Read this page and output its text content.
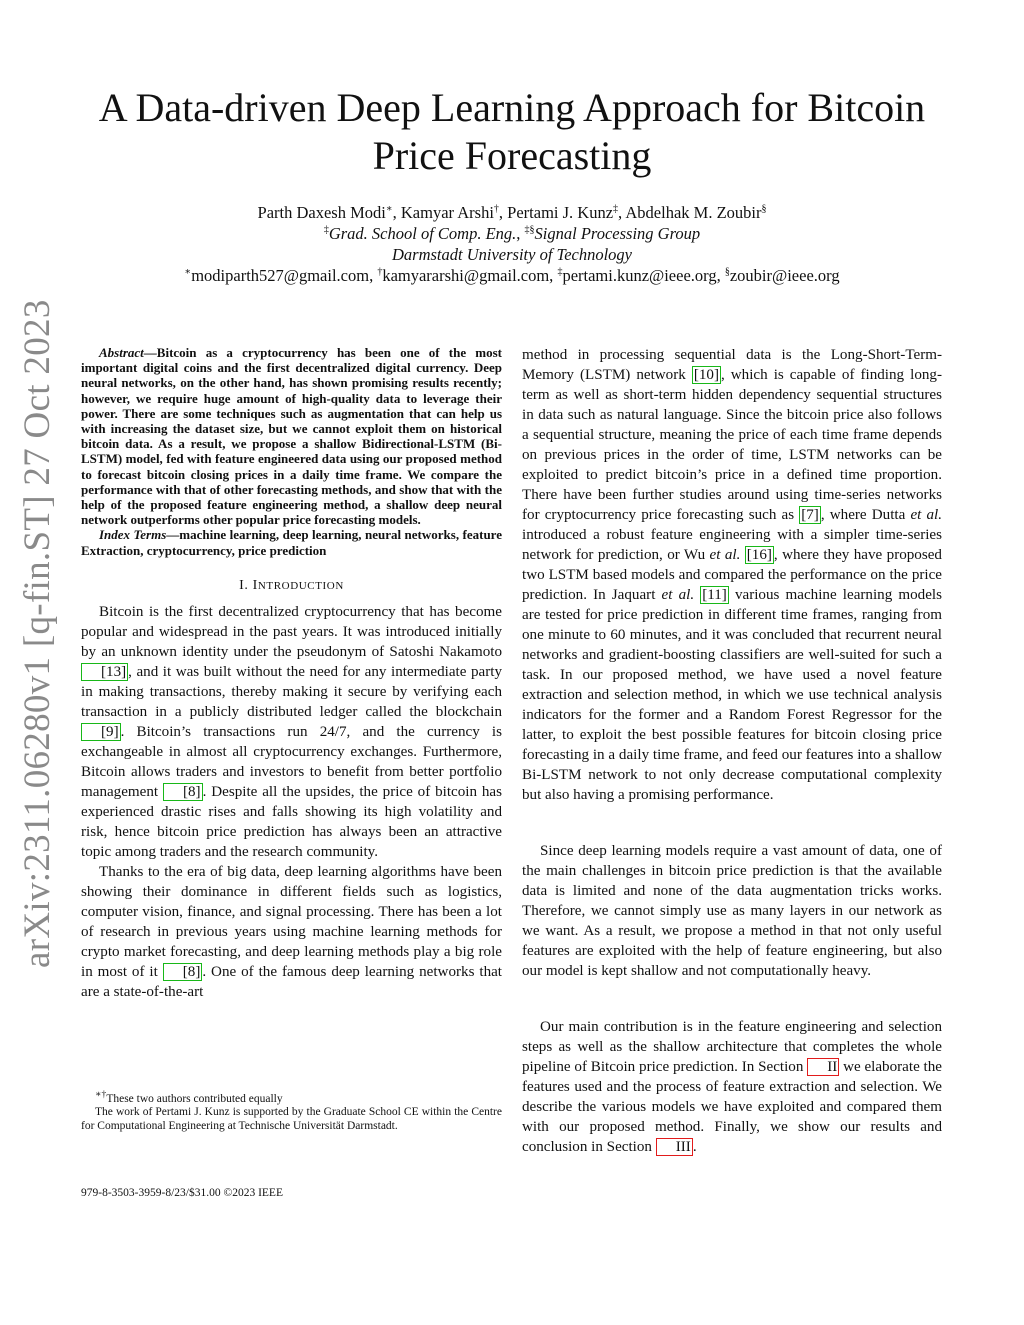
A Data-driven Deep Learning Approach for Bitcoin
Price Forecasting
Parth Daxesh Modi∗, Kamyar Arshi†, Pertami J. Kunz‡, Abdelhak M. Zoubir§
‡Grad. School of Comp. Eng., ‡§Signal Processing Group
Darmstadt University of Technology
∗modiparth527@gmail.com, †kamyararshi@gmail.com, ‡pertami.kunz@ieee.org, §zoubir@ieee.org
arXiv:2311.06280v1 [q-fin.ST] 27 Oct 2023	Abstract—Bitcoin as a cryptocurrency has been one of the most important digital coins and the first decentralized digital currency. Deep neural networks, on the other hand, has shown promising results recently; however, we require huge amount of high-quality data to leverage their power. There are some techniques such as augmentation that can help us with increasing the dataset size, but we cannot exploit them on historical bitcoin data. As a result, we propose a shallow Bidirectional-LSTM (Bi-LSTM) model, fed with feature engineered data using our proposed method to forecast bitcoin closing prices in a daily time frame. We compare the performance with that of other forecasting methods, and show that with the help of the proposed feature engineering method, a shallow deep neural network outperforms other popular price forecasting models.

Index Terms—machine learning, deep learning, neural networks, feature Extraction, cryptocurrency, price prediction

I. INTRODUCTION

Bitcoin is the first decentralized cryptocurrency that has become popular and widespread in the past years. It was introduced initially by an unknown identity under the pseudonym of Satoshi Nakamoto [13] , and it was built without the need for any intermediate party in making transactions, thereby making it secure by verifying each transaction in a publicly distributed ledger called the blockchain [9] . Bitcoin’s transactions run 24/7, and the currency is exchangeable in almost all cryptocurrency exchanges. Furthermore, Bitcoin allows traders and investors to benefit from better portfolio management [8] . Despite all the upsides, the price of bitcoin has experienced drastic rises and falls showing its high volatility and risk, hence bitcoin price prediction has always been an attractive topic among traders and the research community.

Thanks to the era of big data, deep learning algorithms have been showing their dominance in different fields such as logistics, computer vision, finance, and signal processing. There has been a lot of research in previous years using machine learning methods for crypto market forecasting, and deep learning methods play a big role in most of it [8] . One of the famous deep learning networks that are a state-of-the-art

∗†These two authors contributed equally

The work of Pertami J. Kunz is supported by the Graduate School CE within the Centre for Computational Engineering at Technische Universität Darmstadt.

979-8-3503-3959-8/23/$31.00 ©2023 IEEE

method in processing sequential data is the Long-Short-Term-Memory (LSTM) network [10] , which is capable of finding long-term as well as short-term hidden dependency sequential structures in data such as natural language. Since the bitcoin price also follows a sequential structure, meaning the price of each time frame depends on previous prices in the order of time, LSTM networks can be exploited to predict bitcoin’s price in a defined time proportion. There have been further studies around using time-series networks for cryptocurrency price forecasting such as [7] , where Dutta et al. introduced a robust feature engineering with a simpler time-series network for prediction, or Wu et al. [16] , where they have proposed two LSTM based models and compared the performance on the price prediction. In Jaquart et al. [11] various machine learning models are tested for price prediction in different time frames, ranging from one minute to 60 minutes, and it was concluded that recurrent neural networks and gradient-boosting classifiers are well-suited for such a task. In our proposed method, we have used a novel feature extraction and selection method, in which we use technical analysis indicators for the former and a Random Forest Regressor for the latter, to exploit the best possible features for bitcoin closing price forecasting in a daily time frame, and feed our features into a shallow Bi-LSTM network to not only decrease computational complexity but also having a promising performance.

Since deep learning models require a vast amount of data, one of the main challenges in bitcoin price prediction is that the available data is limited and none of the data augmentation tricks works. Therefore, we cannot simply use as many layers in our network as we want. As a result, we propose a method in that not only useful features are exploited with the help of feature engineering, but also our model is kept shallow and not computationally heavy.

Our main contribution is in the feature engineering and selection steps as well as the shallow architecture that completes the whole pipeline of Bitcoin price prediction. In Section II we elaborate the features used and the process of feature extraction and selection. We describe the various models we have exploited and compared them with our proposed method. Finally, we show our results and conclusion in Section III .
